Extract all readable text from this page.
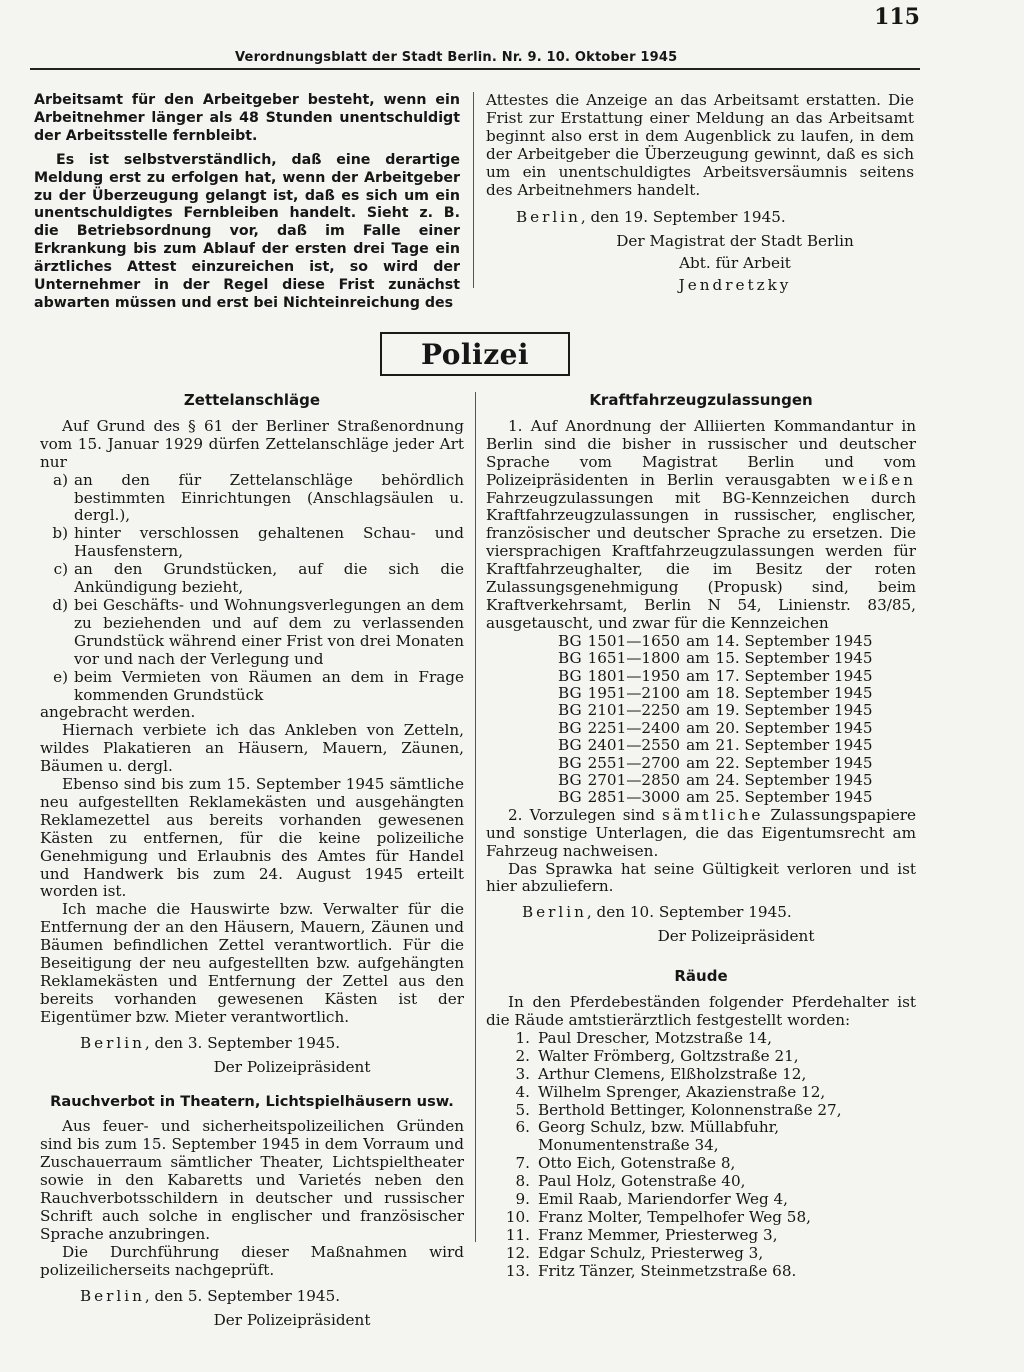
115
Verordnungsblatt der Stadt Berlin. Nr. 9. 10. Oktober 1945

Arbeitsamt für den Arbeitgeber besteht, wenn ein Arbeitnehmer länger als 48 Stunden unentschuldigt der Arbeitsstelle fernbleibt.

Es ist selbstverständlich, daß eine derartige Meldung erst zu erfolgen hat, wenn der Arbeitgeber zu der Überzeugung gelangt ist, daß es sich um ein unentschuldigtes Fernbleiben handelt. Sieht z. B. die Betriebsordnung vor, daß im Falle einer Erkrankung bis zum Ablauf der ersten drei Tage ein ärztliches Attest einzureichen ist, so wird der Unternehmer in der Regel diese Frist zunächst abwarten müssen und erst bei Nichteinreichung des

Attestes die Anzeige an das Arbeitsamt erstatten. Die Frist zur Erstattung einer Meldung an das Arbeitsamt beginnt also erst in dem Augenblick zu laufen, in dem der Arbeitgeber die Überzeugung gewinnt, daß es sich um ein unentschuldigtes Arbeitsversäumnis seitens des Arbeitnehmers handelt.

Berlin, den 19. September 1945.

Der Magistrat der Stadt Berlin

Abt. für Arbeit

Jendretzky

Polizei
Zettelanschläge

Auf Grund des § 61 der Berliner Straßenordnung vom 15. Januar 1929 dürfen Zettelanschläge jeder Art nur

a) an den für Zettelanschläge behördlich bestimmten Einrichtungen (Anschlagsäulen u. dergl.),
b) hinter verschlossen gehaltenen Schau- und Hausfenstern,
c) an den Grundstücken, auf die sich die Ankündigung bezieht,
d) bei Geschäfts- und Wohnungsverlegungen an dem zu beziehenden und auf dem zu verlassenden Grundstück während einer Frist von drei Monaten vor und nach der Verlegung und
e) beim Vermieten von Räumen an dem in Frage kommenden Grundstück

angebracht werden.

Hiernach verbiete ich das Ankleben von Zetteln, wildes Plakatieren an Häusern, Mauern, Zäunen, Bäumen u. dergl.

Ebenso sind bis zum 15. September 1945 sämtliche neu aufgestellten Reklamekästen und ausgehängten Reklamezettel aus bereits vorhanden gewesenen Kästen zu entfernen, für die keine polizeiliche Genehmigung und Erlaubnis des Amtes für Handel und Handwerk bis zum 24. August 1945 erteilt worden ist.

Ich mache die Hauswirte bzw. Verwalter für die Entfernung der an den Häusern, Mauern, Zäunen und Bäumen befindlichen Zettel verantwortlich. Für die Beseitigung der neu aufgestellten bzw. aufgehängten Reklamekästen und Entfernung der Zettel aus den bereits vorhanden gewesenen Kästen ist der Eigentümer bzw. Mieter verantwortlich.

Berlin, den 3. September 1945.

Der Polizeipräsident

Rauchverbot in Theatern, Lichtspielhäusern usw.

Aus feuer- und sicherheitspolizeilichen Gründen sind bis zum 15. September 1945 in dem Vorraum und Zuschauerraum sämtlicher Theater, Lichtspieltheater sowie in den Kabaretts und Varietés neben den Rauchverbotsschildern in deutscher und russischer Schrift auch solche in englischer und französischer Sprache anzubringen.

Die Durchführung dieser Maßnahmen wird polizeilicherseits nachgeprüft.

Berlin, den 5. September 1945.

Der Polizeipräsident

Kraftfahrzeugzulassungen

1. Auf Anordnung der Alliierten Kommandantur in Berlin sind die bisher in russischer und deutscher Sprache vom Magistrat Berlin und vom Polizeipräsidenten in Berlin verausgabten weißen Fahrzeugzulassungen mit BG-Kennzeichen durch Kraftfahrzeugzulassungen in russischer, englischer, französischer und deutscher Sprache zu ersetzen. Die viersprachigen Kraftfahrzeugzulassungen werden für Kraftfahrzeughalter, die im Besitz der roten Zulassungsgenehmigung (Propusk) sind, beim Kraftverkehrsamt, Berlin N 54, Linienstr. 83/85, ausgetauscht, und zwar für die Kennzeichen

BG	1501—1650	am	14. September 1945
BG	1651—1800	am	15. September 1945
BG	1801—1950	am	17. September 1945
BG	1951—2100	am	18. September 1945
BG	2101—2250	am	19. September 1945
BG	2251—2400	am	20. September 1945
BG	2401—2550	am	21. September 1945
BG	2551—2700	am	22. September 1945
BG	2701—2850	am	24. September 1945
BG	2851—3000	am	25. September 1945

2. Vorzulegen sind sämtliche Zulassungspapiere und sonstige Unterlagen, die das Eigentumsrecht am Fahrzeug nachweisen.

Das Sprawka hat seine Gültigkeit verloren und ist hier abzuliefern.

Berlin, den 10. September 1945.

Der Polizeipräsident

Räude

In den Pferdebeständen folgender Pferdehalter ist die Räude amtstierärztlich festgestellt worden:

1. Paul Drescher, Motzstraße 14,
2. Walter Frömberg, Goltzstraße 21,
3. Arthur Clemens, Elßholzstraße 12,
4. Wilhelm Sprenger, Akazienstraße 12,
5. Berthold Bettinger, Kolonnenstraße 27,
6. Georg Schulz, bzw. Müllabfuhr, Monumentenstraße 34,
7. Otto Eich, Gotenstraße 8,
8. Paul Holz, Gotenstraße 40,
9. Emil Raab, Mariendorfer Weg 4,
10. Franz Molter, Tempelhofer Weg 58,
11. Franz Memmer, Priesterweg 3,
12. Edgar Schulz, Priesterweg 3,
13. Fritz Tänzer, Steinmetzstraße 68.
